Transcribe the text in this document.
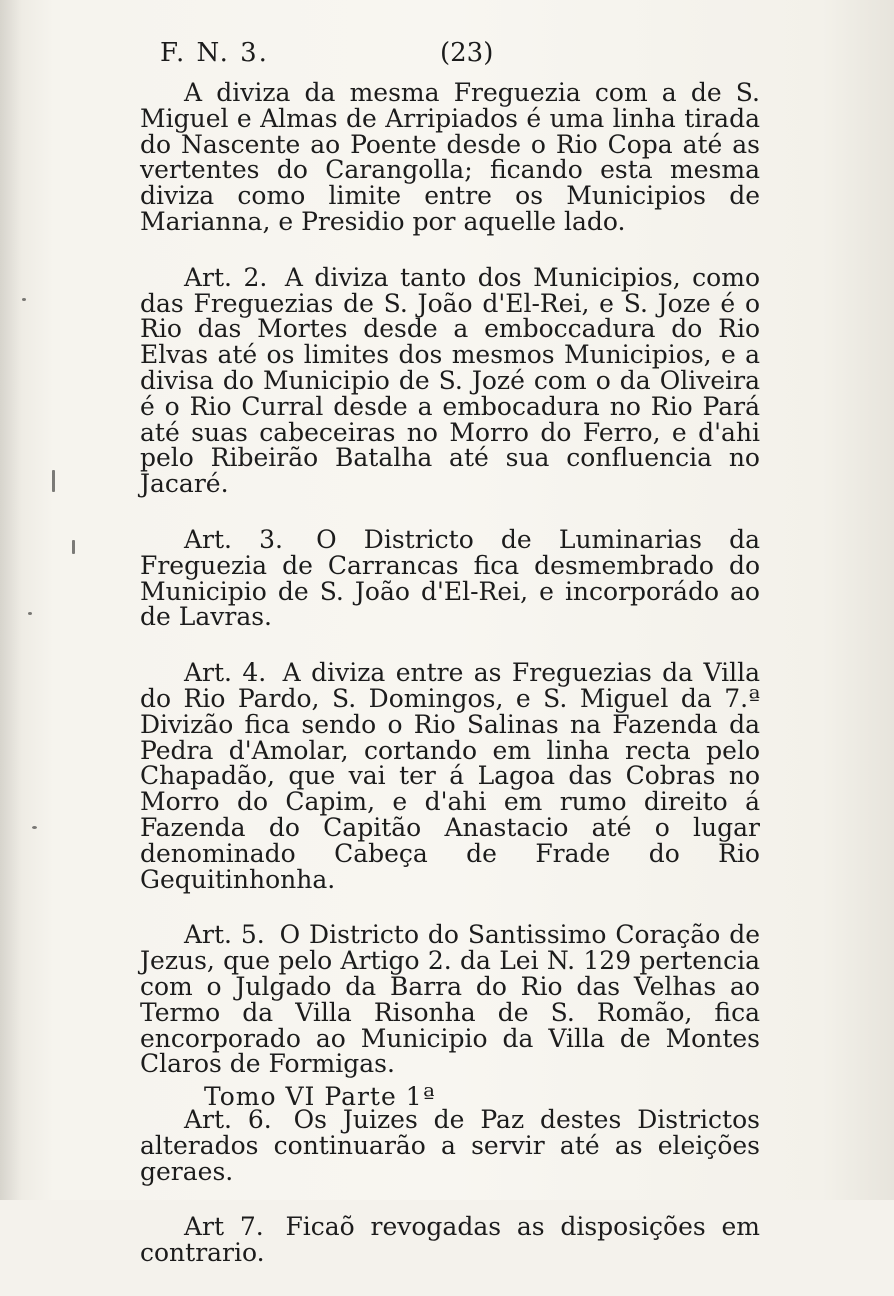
F. N. 3.	(23)

A diviza da mesma Freguezia com a de S. Miguel e Almas de Arripiados é uma linha tirada do Nascente ao Poente desde o Rio Copa até as vertentes do Carangolla; ficando esta mesma diviza como limite entre os Municipios de Marianna, e Presidio por aquelle lado.

Art. 2. A diviza tanto dos Municipios, como das Freguezias de S. João d'El-Rei, e S. Joze é o Rio das Mortes desde a emboccadura do Rio Elvas até os limites dos mesmos Municipios, e a divisa do Municipio de S. Jozé com o da Oliveira é o Rio Curral desde a embocadura no Rio Pará até suas cabeceiras no Morro do Ferro, e d'ahi pelo Ribeirão Batalha até sua confluencia no Jacaré.

Art. 3. O Districto de Luminarias da Freguezia de Carrancas fica desmembrado do Municipio de S. João d'El-Rei, e incorporádo ao de Lavras.

Art. 4. A diviza entre as Freguezias da Villa do Rio Pardo, S. Domingos, e S. Miguel da 7.ª Divizão fica sendo o Rio Salinas na Fazenda da Pedra d'Amolar, cortando em linha recta pelo Chapadão, que vai ter á Lagoa das Cobras no Morro do Capim, e d'ahi em rumo direito á Fazenda do Capitão Anastacio até o lugar denominado Cabeça de Frade do Rio Gequitinhonha.

Art. 5. O Districto do Santissimo Coração de Jezus, que pelo Artigo 2. da Lei N. 129 pertencia com o Julgado da Barra do Rio das Velhas ao Termo da Villa Risonha de S. Romão, fica encorporado ao Municipio da Villa de Montes Claros de Formigas.

Art. 6. Os Juizes de Paz destes Districtos alterados continuarão a servir até as eleições geraes.

Art 7. Ficaõ revogadas as disposições em contrario.

Tomo VI Parte 1ª
